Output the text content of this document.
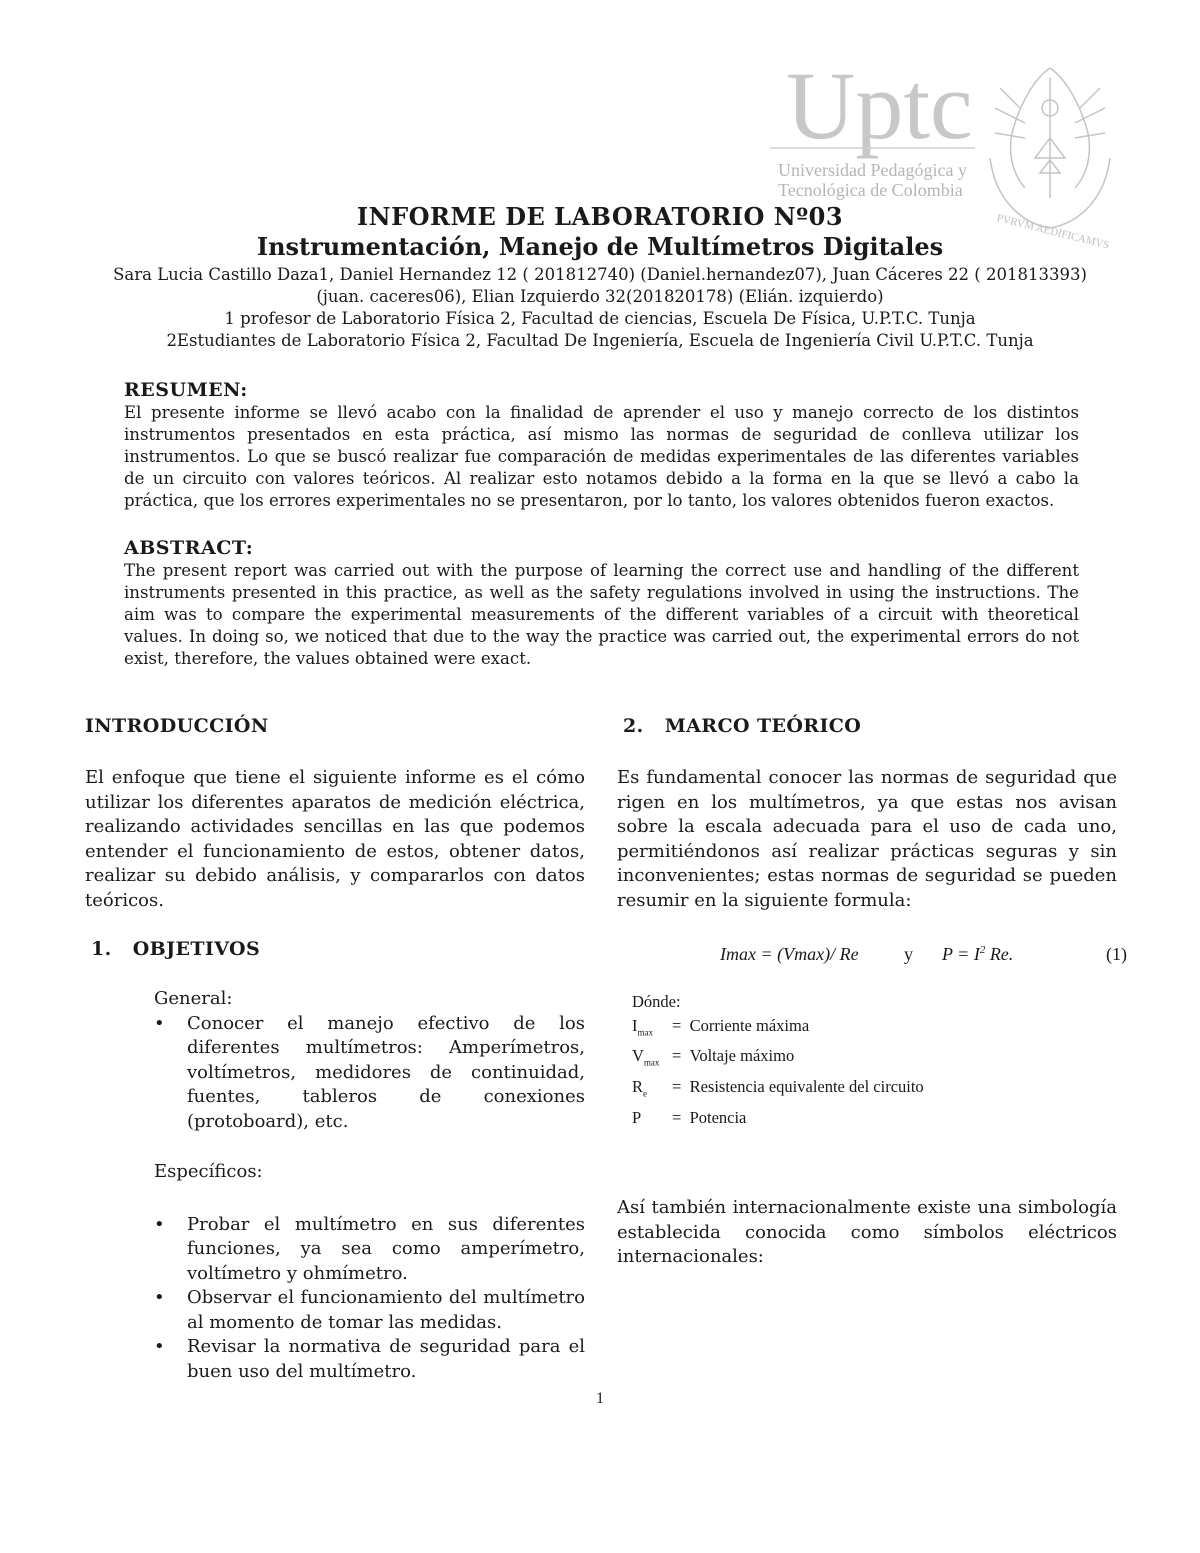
Uptc
Universidad Pedagógica y
Tecnológica de Colombia
PVRVM AEDIFICAMVS
INFORME DE LABORATORIO Nº03
Instrumentación, Manejo de Multímetros Digitales
Sara Lucia Castillo Daza1, Daniel Hernandez 12 ( 201812740) (Daniel.hernandez07), Juan Cáceres 22 ( 201813393)
(juan. caceres06), Elian Izquierdo 32(201820178) (Elián. izquierdo)
1 profesor de Laboratorio Física 2, Facultad de ciencias, Escuela De Física, U.P.T.C. Tunja
2Estudiantes de Laboratorio Física 2, Facultad De Ingeniería, Escuela de Ingeniería Civil U.P.T.C. Tunja
RESUMEN:

El presente informe se llevó acabo con la finalidad de aprender el uso y manejo correcto de los distintos instrumentos presentados en esta práctica, así mismo las normas de seguridad de conlleva utilizar los instrumentos. Lo que se buscó realizar fue comparación de medidas experimentales de las diferentes variables de un circuito con valores teóricos. Al realizar esto notamos debido a la forma en la que se llevó a cabo la práctica, que los errores experimentales no se presentaron, por lo tanto, los valores obtenidos fueron exactos.

ABSTRACT:

The present report was carried out with the purpose of learning the correct use and handling of the different instruments presented in this practice, as well as the safety regulations involved in using the instructions. The aim was to compare the experimental measurements of the different variables of a circuit with theoretical values. In doing so, we noticed that due to the way the practice was carried out, the experimental errors do not exist, therefore, the values obtained were exact.

INTRODUCCIÓN

El enfoque que tiene el siguiente informe es el cómo utilizar los diferentes aparatos de medición eléctrica, realizando actividades sencillas en las que podemos entender el funcionamiento de estos, obtener datos, realizar su debido análisis, y compararlos con datos teóricos.

1. OBJETIVOS
General:
• Conocer el manejo efectivo de los diferentes multímetros: Amperímetros, voltímetros, medidores de continuidad, fuentes, tableros de conexiones (protoboard), etc.
Específicos:
• Probar el multímetro en sus diferentes funciones, ya sea como amperímetro, voltímetro y ohmímetro.
• Observar el funcionamiento del multímetro al momento de tomar las medidas.
• Revisar la normativa de seguridad para el buen uso del multímetro.
2. MARCO TEÓRICO

Es fundamental conocer las normas de seguridad que rigen en los multímetros, ya que estas nos avisan sobre la escala adecuada para el uso de cada uno, permitiéndonos así realizar prácticas seguras y sin inconvenientes; estas normas de seguridad se pueden resumir en la siguiente formula:

Imax = (Vmax)/ Re	y $P = I^2$ Re.	(1)
Dónde:
$I_{max}$ = Corriente máxima
$V_{max}$ = Voltaje máximo
$R_e$ = Resistencia equivalente del circuito
P = Potencia

Así también internacionalmente existe una simbología establecida conocida como símbolos eléctricos internacionales:

1
